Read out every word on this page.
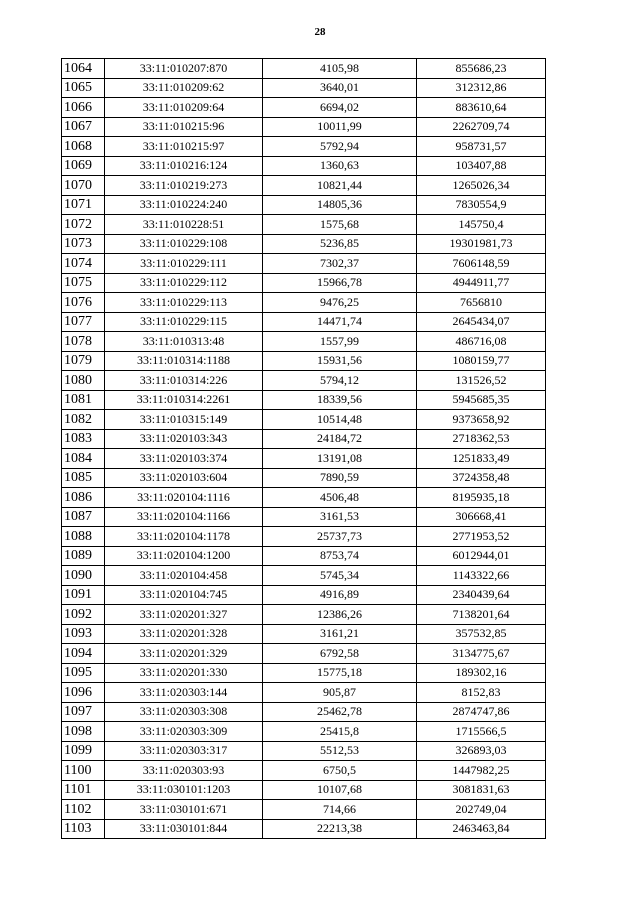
28
1064	33:11:010207:870	4105,98	855686,23
1065	33:11:010209:62	3640,01	312312,86
1066	33:11:010209:64	6694,02	883610,64
1067	33:11:010215:96	10011,99	2262709,74
1068	33:11:010215:97	5792,94	958731,57
1069	33:11:010216:124	1360,63	103407,88
1070	33:11:010219:273	10821,44	1265026,34
1071	33:11:010224:240	14805,36	7830554,9
1072	33:11:010228:51	1575,68	145750,4
1073	33:11:010229:108	5236,85	19301981,73
1074	33:11:010229:111	7302,37	7606148,59
1075	33:11:010229:112	15966,78	4944911,77
1076	33:11:010229:113	9476,25	7656810
1077	33:11:010229:115	14471,74	2645434,07
1078	33:11:010313:48	1557,99	486716,08
1079	33:11:010314:1188	15931,56	1080159,77
1080	33:11:010314:226	5794,12	131526,52
1081	33:11:010314:2261	18339,56	5945685,35
1082	33:11:010315:149	10514,48	9373658,92
1083	33:11:020103:343	24184,72	2718362,53
1084	33:11:020103:374	13191,08	1251833,49
1085	33:11:020103:604	7890,59	3724358,48
1086	33:11:020104:1116	4506,48	8195935,18
1087	33:11:020104:1166	3161,53	306668,41
1088	33:11:020104:1178	25737,73	2771953,52
1089	33:11:020104:1200	8753,74	6012944,01
1090	33:11:020104:458	5745,34	1143322,66
1091	33:11:020104:745	4916,89	2340439,64
1092	33:11:020201:327	12386,26	7138201,64
1093	33:11:020201:328	3161,21	357532,85
1094	33:11:020201:329	6792,58	3134775,67
1095	33:11:020201:330	15775,18	189302,16
1096	33:11:020303:144	905,87	8152,83
1097	33:11:020303:308	25462,78	2874747,86
1098	33:11:020303:309	25415,8	1715566,5
1099	33:11:020303:317	5512,53	326893,03
1100	33:11:020303:93	6750,5	1447982,25
1101	33:11:030101:1203	10107,68	3081831,63
1102	33:11:030101:671	714,66	202749,04
1103	33:11:030101:844	22213,38	2463463,84
